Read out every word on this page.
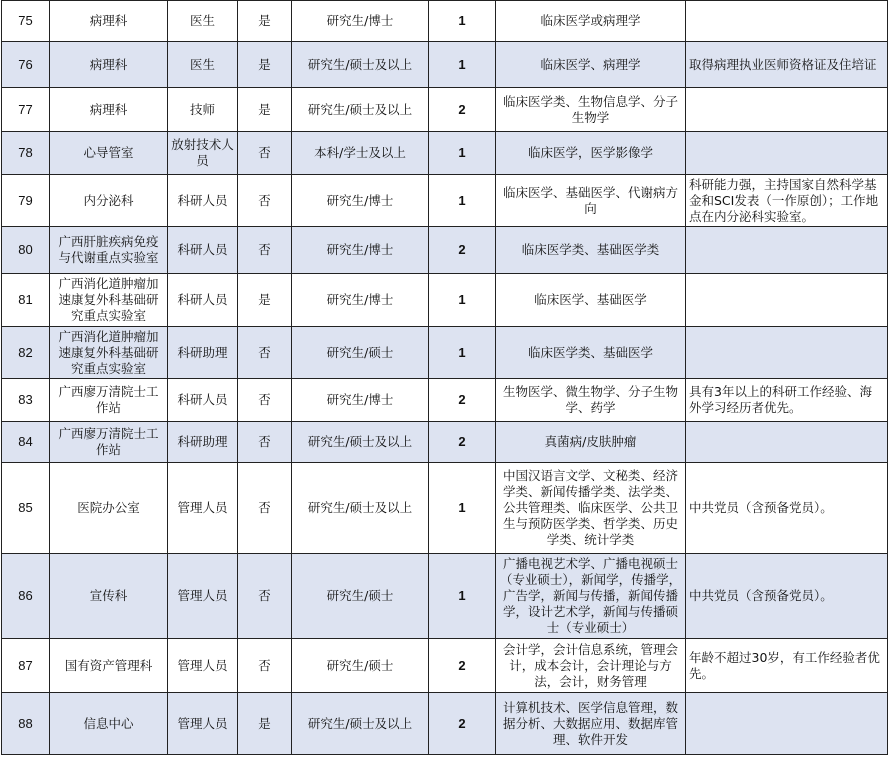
75	病理科	医生	是	研究生/博士	1	临床医学或病理学	
76	病理科	医生	是	研究生/硕士及以上	1	临床医学、病理学	取得病理执业医师资格证及住培证
77	病理科	技师	是	研究生/硕士及以上	2	临床医学类、生物信息学、分子生物学	
78	心导管室	放射技术人员	否	本科/学士及以上	1	临床医学，医学影像学	
79	内分泌科	科研人员	否	研究生/博士	1	临床医学、基础医学、代谢病方向	科研能力强，主持国家自然科学基金和SCI发表（一作原创）；工作地点在内分泌科实验室。
80	广西肝脏疾病免疫与代谢重点实验室	科研人员	否	研究生/博士	2	临床医学类、基础医学类	
81	广西消化道肿瘤加速康复外科基础研究重点实验室	科研人员	是	研究生/博士	1	临床医学、基础医学	
82	广西消化道肿瘤加速康复外科基础研究重点实验室	科研助理	否	研究生/硕士	1	临床医学类、基础医学	
83	广西廖万清院士工作站	科研人员	否	研究生/博士	2	生物医学、微生物学、分子生物学、药学	具有3年以上的科研工作经验、海外学习经历者优先。
84	广西廖万清院士工作站	科研助理	否	研究生/硕士及以上	2	真菌病/皮肤肿瘤	
85	医院办公室	管理人员	否	研究生/硕士及以上	1	中国汉语言文学、文秘类、经济学类、新闻传播学类、法学类、公共管理类、临床医学、公共卫生与预防医学类、哲学类、历史学类、统计学类	中共党员（含预备党员）。
86	宣传科	管理人员	否	研究生/硕士	1	广播电视艺术学、广播电视硕士（专业硕士），新闻学，传播学，广告学，新闻与传播，新闻传播学，设计艺术学，新闻与传播硕士（专业硕士）	中共党员（含预备党员）。
87	国有资产管理科	管理人员	否	研究生/硕士	2	会计学，会计信息系统，管理会计，成本会计，会计理论与方法，会计，财务管理	年龄不超过30岁，有工作经验者优先。
88	信息中心	管理人员	是	研究生/硕士及以上	2	计算机技术、医学信息管理，数据分析、大数据应用、数据库管理、软件开发	
